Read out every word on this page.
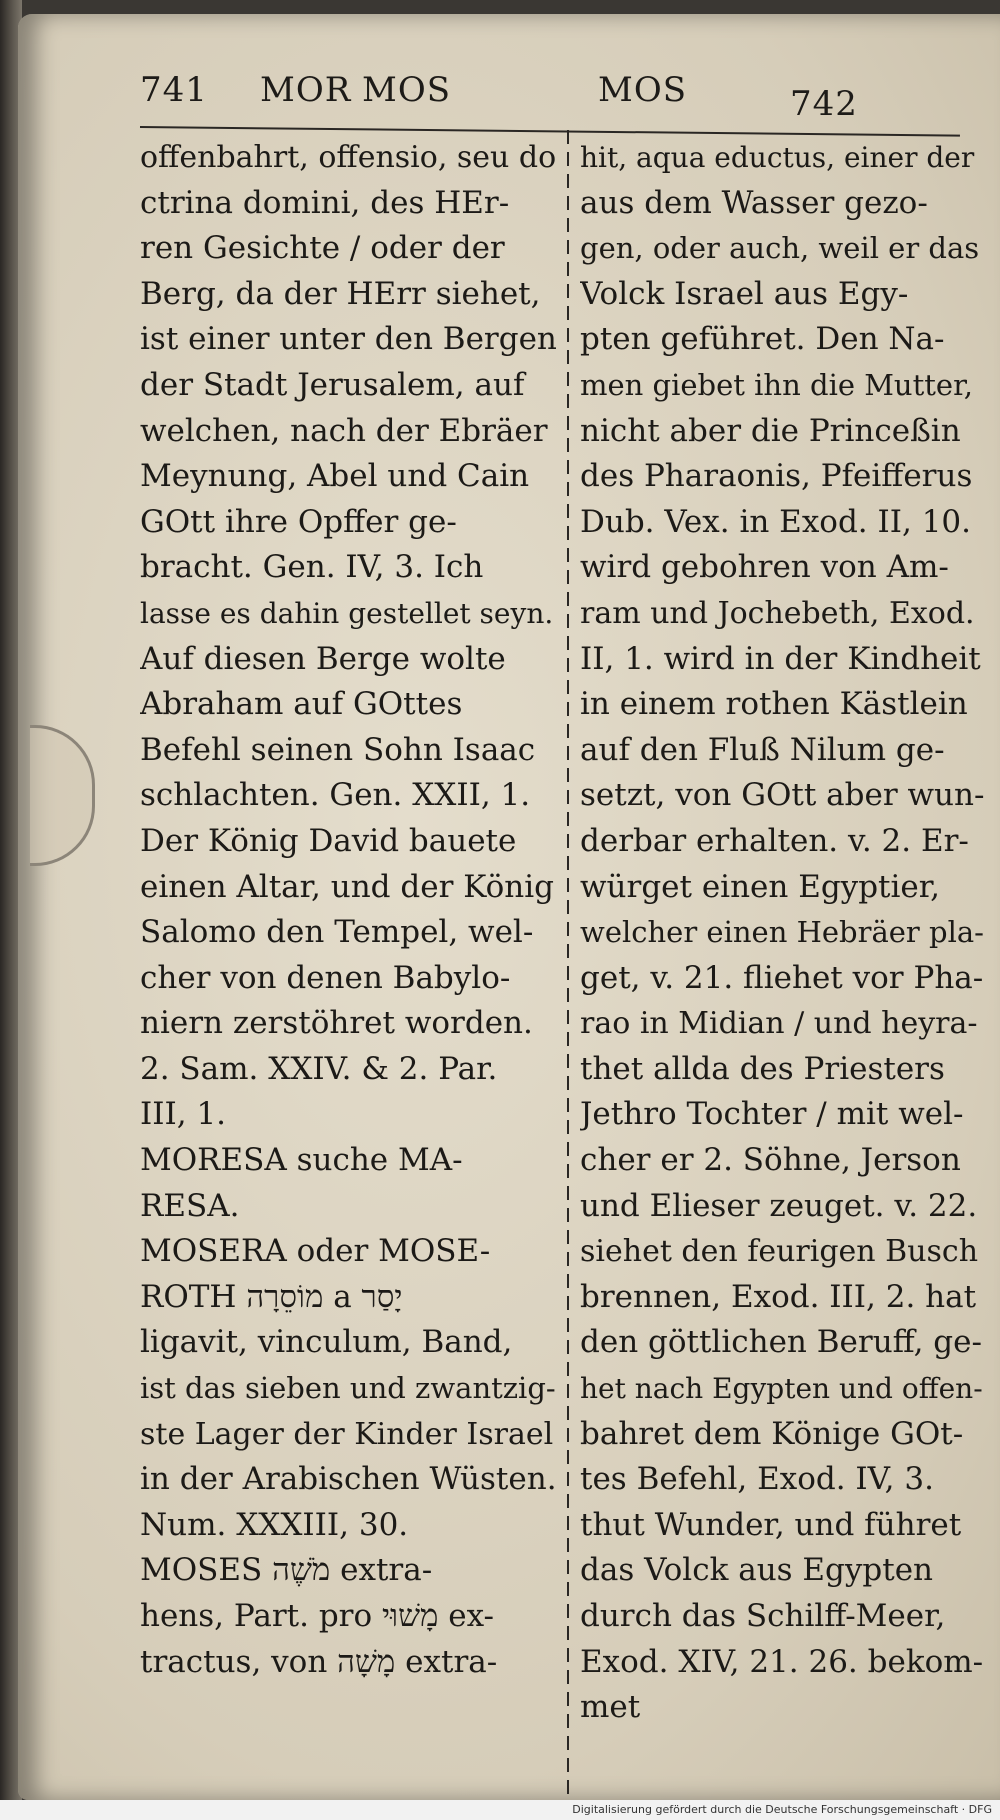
741 MOR MOS	MOS	742
offenbahrt, offensio, seu do
ctrina domini, des HEr-
ren Gesichte / oder der
Berg, da der HErr siehet,
ist einer unter den Bergen
der Stadt Jerusalem, auf
welchen, nach der Ebräer
Meynung, Abel und Cain
GOtt ihre Opffer ge-
bracht. Gen. IV, 3. Ich
lasse es dahin gestellet seyn.
Auf diesen Berge wolte
Abraham auf GOttes
Befehl seinen Sohn Isaac
schlachten. Gen. XXII, 1.
Der König David bauete
einen Altar, und der König
Salomo den Tempel, wel-
cher von denen Babylo-
niern zerstöhret worden.
2. Sam. XXIV. & 2. Par.
III, 1.
MORESA suche MA-
RESA.
MOSERA oder MOSE-
ROTH מוֹסֵרָה a יָסַר
ligavit, vinculum, Band,
ist das sieben und zwantzig-
ste Lager der Kinder Israel
in der Arabischen Wüsten.
Num. XXXIII, 30.
MOSES מֹשֶׁה extra-
hens, Part. pro מָשׁוּי ex-
tractus, von מָשָׁה extra-
hit, aqua eductus, einer der
aus dem Wasser gezo-
gen, oder auch, weil er das
Volck Israel aus Egy-
pten geführet. Den Na-
men giebet ihn die Mutter,
nicht aber die Princeßin
des Pharaonis, Pfeifferus
Dub. Vex. in Exod. II, 10.
wird gebohren von Am-
ram und Jochebeth, Exod.
II, 1. wird in der Kindheit
in einem rothen Kästlein
auf den Fluß Nilum ge-
setzt, von GOtt aber wun-
derbar erhalten. v. 2. Er-
würget einen Egyptier,
welcher einen Hebräer pla-
get, v. 21. fliehet vor Pha-
rao in Midian / und heyra-
thet allda des Priesters
Jethro Tochter / mit wel-
cher er 2. Söhne, Jerson
und Elieser zeuget. v. 22.
siehet den feurigen Busch
brennen, Exod. III, 2. hat
den göttlichen Beruff, ge-
het nach Egypten und offen-
bahret dem Könige GOt-
tes Befehl, Exod. IV, 3.
thut Wunder, und führet
das Volck aus Egypten
durch das Schilff-Meer,
Exod. XIV, 21. 26. bekom-
met
Digitalisierung gefördert durch die Deutsche Forschungsgemeinschaft · DFG
